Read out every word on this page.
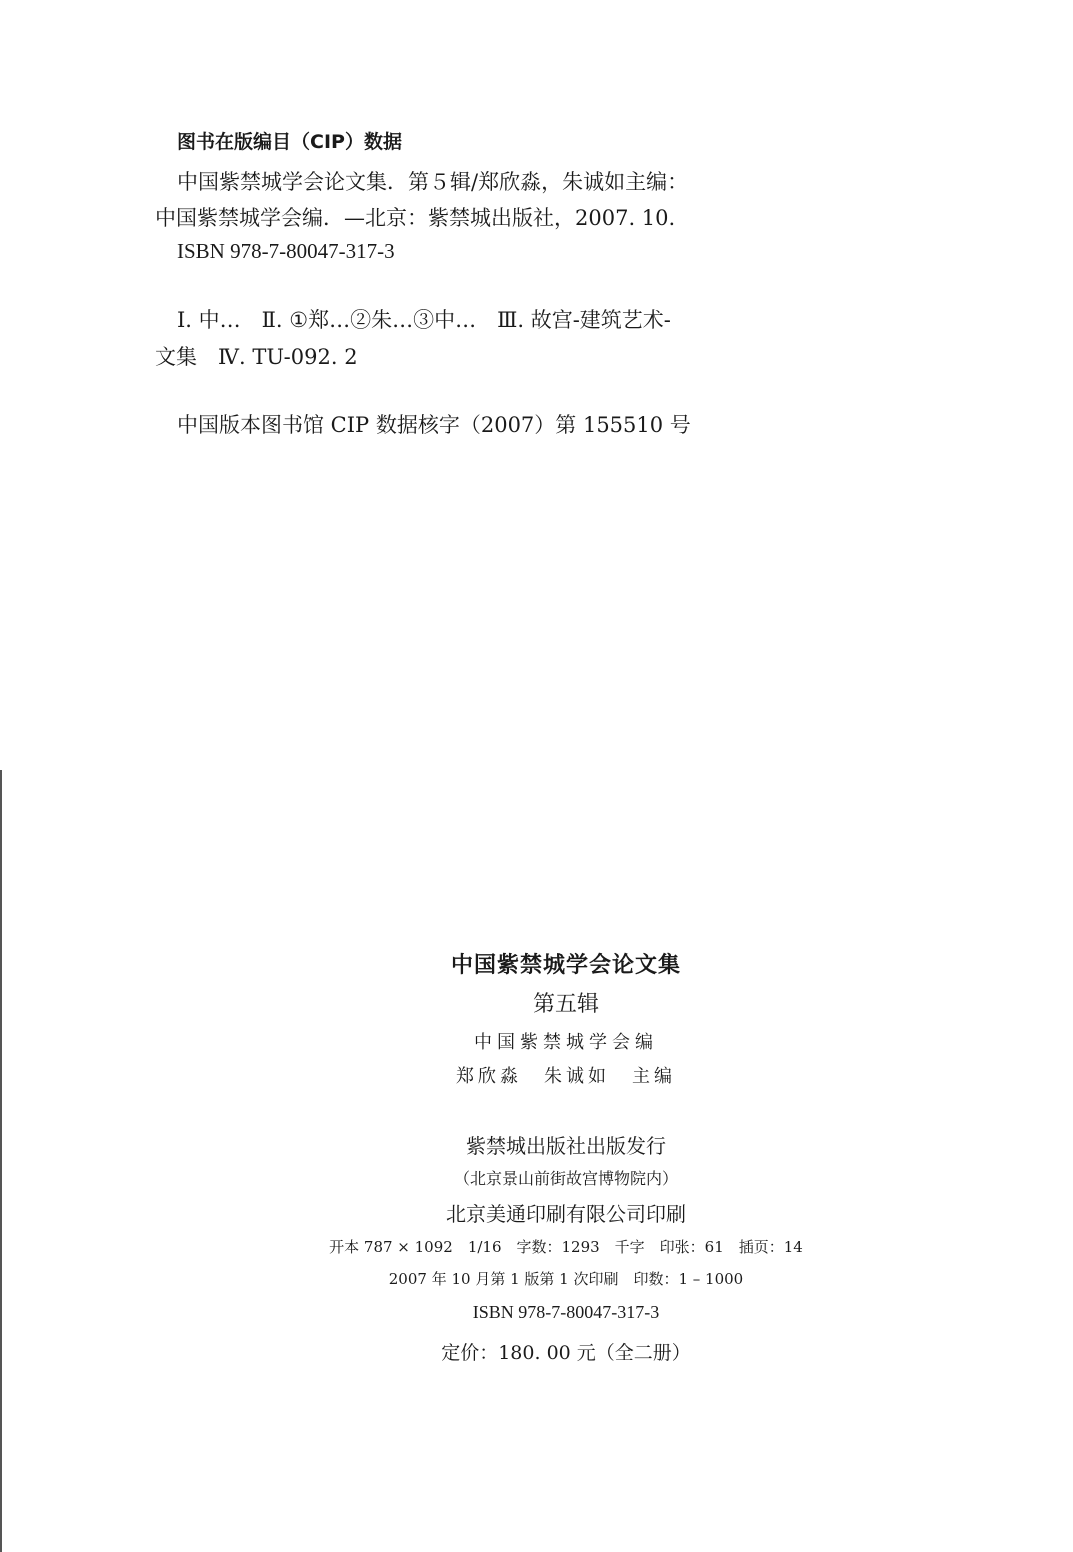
图书在版编目（CIP）数据
中国紫禁城学会论文集．第５辑/郑欣淼，朱诚如主编：
中国紫禁城学会编．—北京：紫禁城出版社，2007. 10.
ISBN 978-7-80047-317-3
Ⅰ. 中…　Ⅱ. ①郑…②朱…③中…　Ⅲ. 故宫-建筑艺术-
文集　Ⅳ. TU-092. 2
中国版本图书馆 CIP 数据核字（2007）第 155510 号
中国紫禁城学会论文集
第五辑
中国紫禁城学会编
郑欣淼　朱诚如　主编
紫禁城出版社出版发行
（北京景山前街故宫博物院内）
北京美通印刷有限公司印刷
开本 787 × 1092　1/16　字数：1293　千字　印张：61　插页：14
2007 年 10 月第 1 版第 1 次印刷　印数：1 – 1000
ISBN 978-7-80047-317-3
定价：180. 00 元（全二册）
